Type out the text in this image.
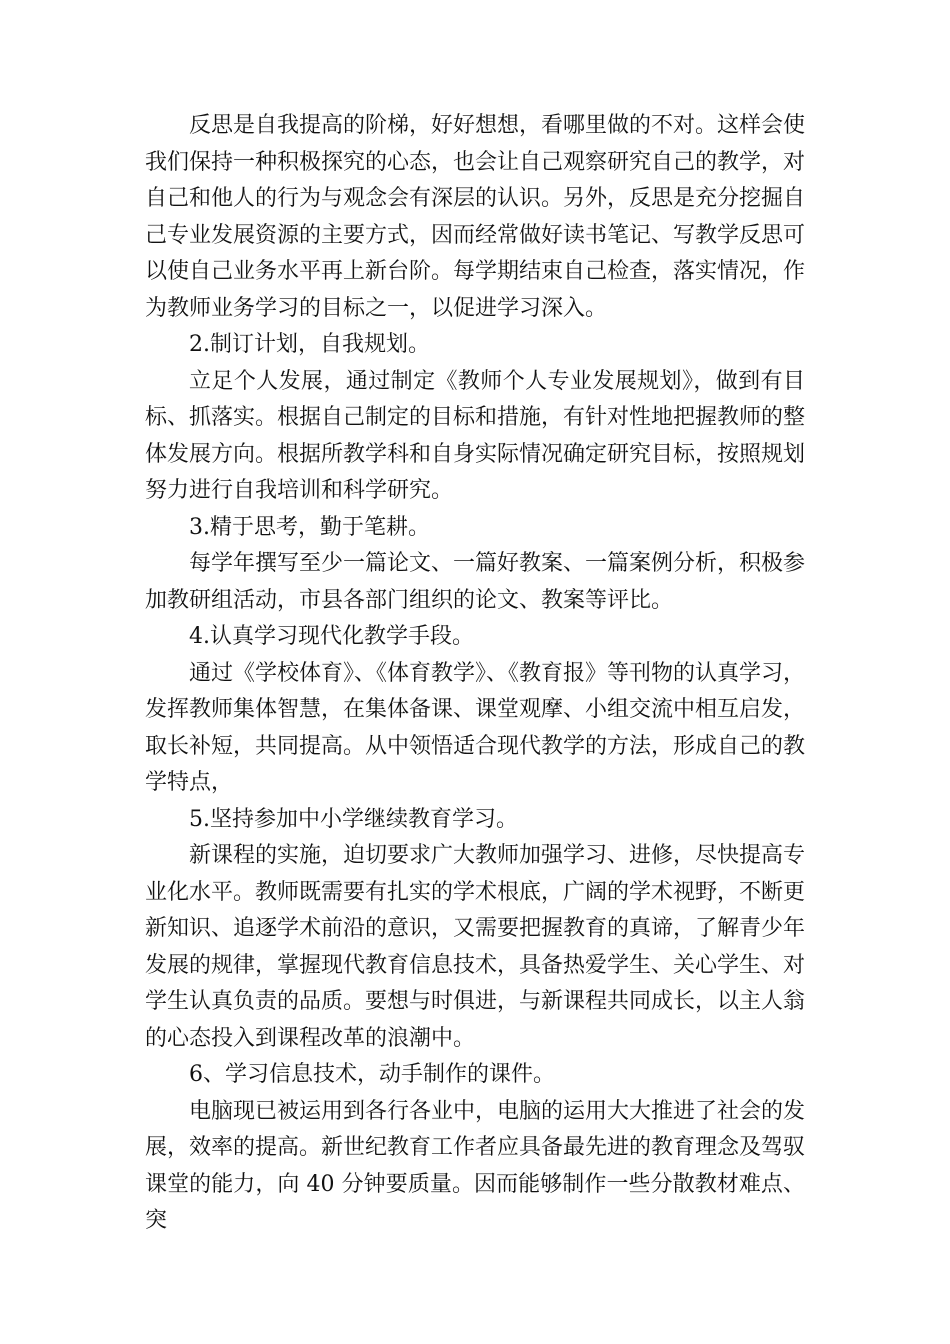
反思是自我提高的阶梯，好好想想，看哪里做的不对。这样会使我们保持一种积极探究的心态，也会让自己观察研究自己的教学，对自己和他人的行为与观念会有深层的认识。另外，反思是充分挖掘自己专业发展资源的主要方式，因而经常做好读书笔记、写教学反思可以使自己业务水平再上新台阶。每学期结束自己检查，落实情况，作为教师业务学习的目标之一，以促进学习深入。

2.制订计划，自我规划。

立足个人发展，通过制定《教师个人专业发展规划》，做到有目标、抓落实。根据自己制定的目标和措施，有针对性地把握教师的整体发展方向。根据所教学科和自身实际情况确定研究目标，按照规划努力进行自我培训和科学研究。

3.精于思考，勤于笔耕。

每学年撰写至少一篇论文、一篇好教案、一篇案例分析，积极参加教研组活动，市县各部门组织的论文、教案等评比。

4.认真学习现代化教学手段。

通过《学校体育》、《体育教学》、《教育报》等刊物的认真学习，发挥教师集体智慧，在集体备课、课堂观摩、小组交流中相互启发，取长补短，共同提高。从中领悟适合现代教学的方法，形成自己的教学特点，

5.坚持参加中小学继续教育学习。

新课程的实施，迫切要求广大教师加强学习、进修，尽快提高专业化水平。教师既需要有扎实的学术根底，广阔的学术视野，不断更新知识、追逐学术前沿的意识，又需要把握教育的真谛，了解青少年发展的规律，掌握现代教育信息技术，具备热爱学生、关心学生、对学生认真负责的品质。要想与时俱进，与新课程共同成长，以主人翁的心态投入到课程改革的浪潮中。

6、学习信息技术，动手制作的课件。

电脑现已被运用到各行各业中，电脑的运用大大推进了社会的发展，效率的提高。新世纪教育工作者应具备最先进的教育理念及驾驭课堂的能力，向 40 分钟要质量。因而能够制作一些分散教材难点、突
